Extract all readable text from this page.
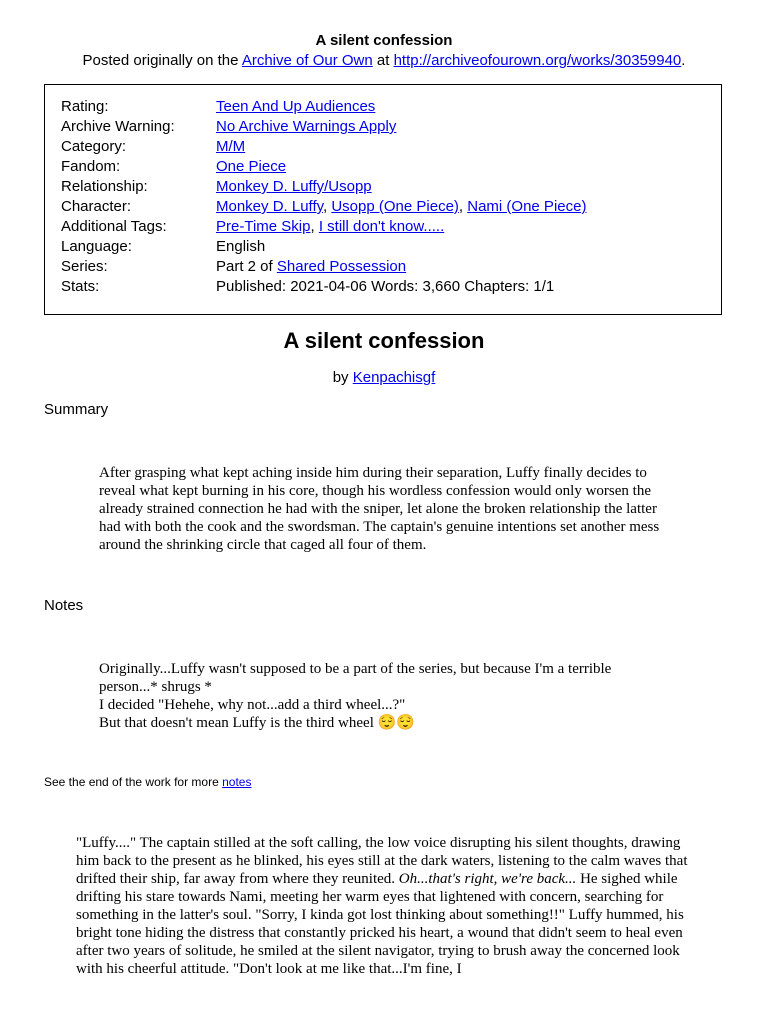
A silent confession
Posted originally on the Archive of Our Own at http://archiveofourown.org/works/30359940.
Rating:	Teen And Up Audiences
Archive Warning:	No Archive Warnings Apply
Category:	M/M
Fandom:	One Piece
Relationship:	Monkey D. Luffy/Usopp
Character:	Monkey D. Luffy, Usopp (One Piece), Nami (One Piece)
Additional Tags:	Pre-Time Skip, I still don't know.....
Language:	English
Series:	Part 2 of Shared Possession
Stats:	Published: 2021-04-06 Words: 3,660 Chapters: 1/1
A silent confession
by Kenpachisgf
Summary
After grasping what kept aching inside him during their separation, Luffy finally decides to reveal what kept burning in his core, though his wordless confession would only worsen the already strained connection he had with the sniper, let alone the broken relationship the latter had with both the cook and the swordsman. The captain's genuine intentions set another mess around the shrinking circle that caged all four of them.
Notes
Originally...Luffy wasn't supposed to be a part of the series, but because I'm a terrible person...* shrugs *
I decided "Hehehe, why not...add a third wheel...?"
But that doesn't mean Luffy is the third wheel 😌😌
See the end of the work for more notes

"Luffy...." The captain stilled at the soft calling, the low voice disrupting his silent thoughts, drawing him back to the present as he blinked, his eyes still at the dark waters, listening to the calm waves that drifted their ship, far away from where they reunited. Oh...that's right, we're back... He sighed while drifting his stare towards Nami, meeting her warm eyes that lightened with concern, searching for something in the latter's soul. "Sorry, I kinda got lost thinking about something!!" Luffy hummed, his bright tone hiding the distress that constantly pricked his heart, a wound that didn't seem to heal even after two years of solitude, he smiled at the silent navigator, trying to brush away the concerned look with his cheerful attitude. "Don't look at me like that...I'm fine, I
